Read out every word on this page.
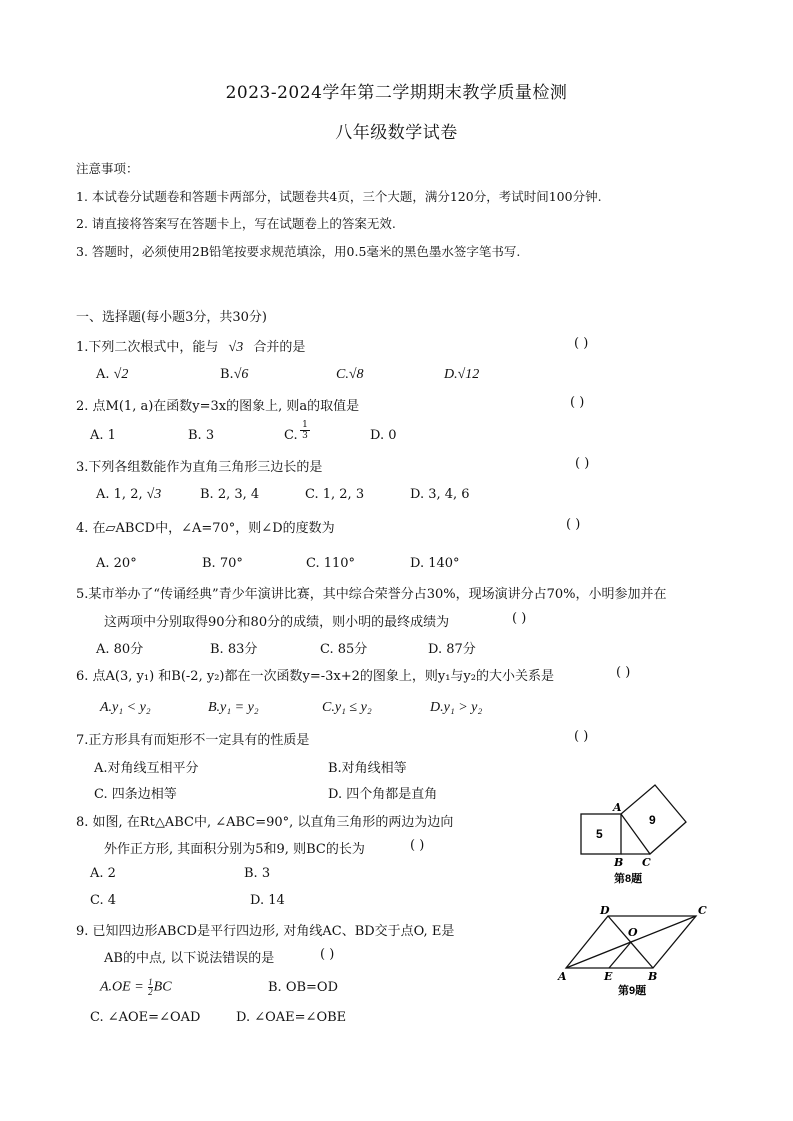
2023-2024学年第二学期期末教学质量检测
八年级数学试卷
注意事项：
1. 本试卷分试题卷和答题卡两部分，试题卷共4页，三个大题，满分120分，考试时间100分钟.
2. 请直接将答案写在答题卡上，写在试题卷上的答案无效.
3. 答题时，必须使用2B铅笔按要求规范填涂，用0.5毫米的黑色墨水签字笔书写.
一、选择题(每小题3分，共30分)
1.下列二次根式中，能与 √3 合并的是	( )
A. √2	B.√6	C.√8	D.√12
2. 点M(1, a)在函数y=3x的图象上, 则a的取值是	( )
A. 1	B. 3	C. $\frac{1}{3}$	D. 0
3.下列各组数能作为直角三角形三边长的是	( )
A. 1, 2, √3	B. 2, 3, 4	C. 1, 2, 3	D. 3, 4, 6
4. 在▱ABCD中，∠A=70°，则∠D的度数为	( )
A. 20°	B. 70°	C. 110°	D. 140°
5.某市举办了“传诵经典”青少年演讲比赛，其中综合荣誉分占30%，现场演讲分占70%，小明参加并在
这两项中分别取得90分和80分的成绩，则小明的最终成绩为	( )
A. 80分	B. 83分	C. 85分	D. 87分
6. 点A(3, y₁) 和B(-2, y₂)都在一次函数y=-3x+2的图象上，则y₁与y₂的大小关系是	( )
A.y₁ < y₂	B.y₁ = y₂	C.y₁ ≤ y₂	D.y₁ > y₂
7.正方形具有而矩形不一定具有的性质是	( )
A.对角线互相平分	B.对角线相等
C. 四条边相等	D. 四个角都是直角
8. 如图, 在Rt△ABC中, ∠ABC=90°, 以直角三角形的两边为边向
外作正方形, 其面积分别为5和9, 则BC的长为	( )
A. 2	B. 3
C. 4	D. 14
9. 已知四边形ABCD是平行四边形, 对角线AC、BD交于点O, E是
AB的中点, 以下说法错误的是	( )
$A.OE = \frac{1}{2}$ BC	B. OB=OD
C. ∠AOE=∠OAD	D. ∠OAE=∠OBE
5
9
A
B C
第8题
D	C
O
A	E	B
第9题
